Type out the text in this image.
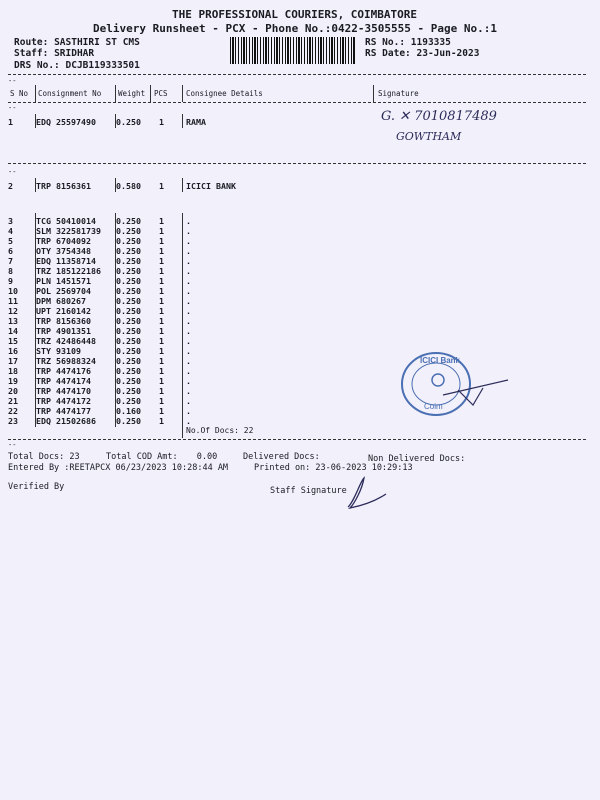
THE PROFESSIONAL COURIERS, COIMBATORE
Delivery Runsheet - PCX - Phone No.:0422-3505555 - Page No.:1
Route: SASTHIRI ST CMS
Staff: SRIDHAR
DRS No.: DCJB119333501
RS No.: 1193335
RS Date: 23-Jun-2023
--
S No Consignment No Weight PCS Consignee Details	Signature
--
1	EDQ 25597490 0.250 1	RAMA
--
2	TRP 8156361	0.580 1	ICICI BANK
3	TCG 50410014 0.250 1	.
4	SLM 322581739 0.250 1	.
5	TRP 6704092	0.250 1	.
6	OTY 3754348	0.250 1	.
7	EDQ 11358714 0.250 1	.
8	TRZ 185122186 0.250 1	.
9	PLN 1451571	0.250 1	.
10 POL 2569704	0.250 1	.
11 DPM 680267	0.250 1	.
12 UPT 2160142	0.250 1	.
13 TRP 8156360	0.250 1	.
14 TRP 4901351	0.250 1	.
15 TRZ 42486448 0.250 1	.
16 STY 93109	0.250 1	.
17 TRZ 56988324 0.250 1	.
18 TRP 4474176	0.250 1	.
19 TRP 4474174	0.250 1	.
20 TRP 4474170	0.250 1	.
21 TRP 4474172	0.250 1	.
22 TRP 4474177	0.160 1	.
23 EDQ 21502686 0.250 1	.
No.Of Docs: 22
G. ✕ 7010817489
GOWTHAM
ICICI Bank
Coim
--
Total Docs: 23	Total COD Amt: 0.00	Delivered Docs:	Non Delivered Docs:
Entered By :REETAPCX 06/23/2023 10:28:44 AM	Printed on: 23-06-2023 10:29:13
Verified By	Staff Signature
